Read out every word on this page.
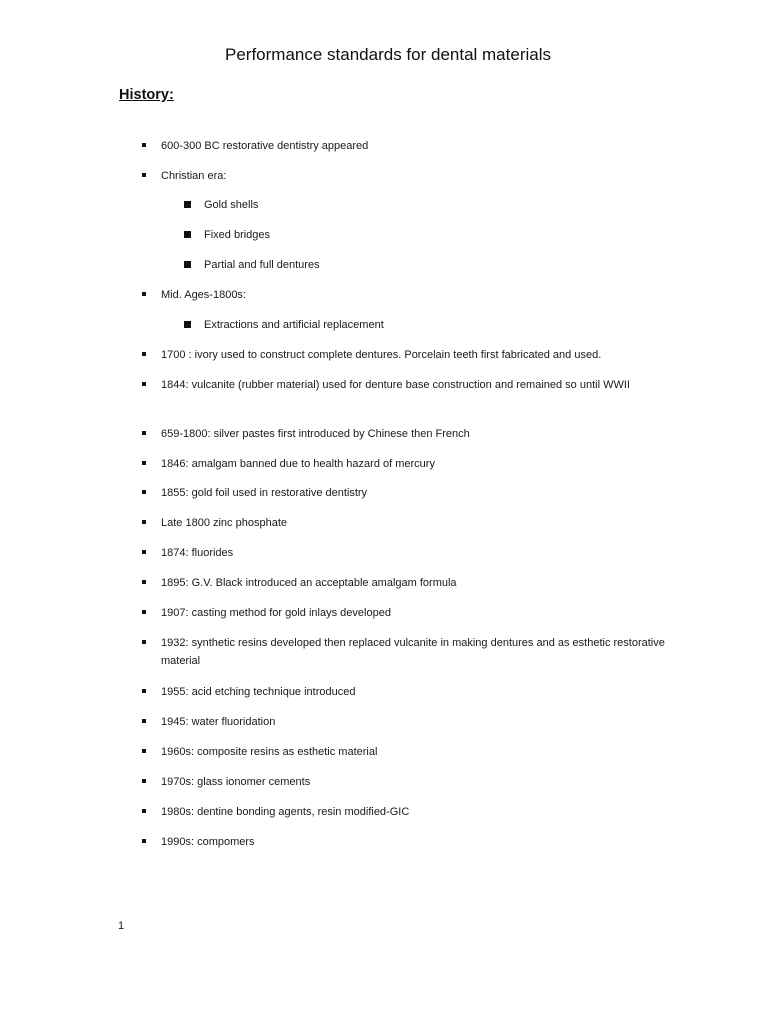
Performance standards for dental materials
History:
600-300 BC restorative dentistry appeared
Christian era:
Gold shells
Fixed bridges
Partial and full dentures
Mid. Ages-1800s:
Extractions and artificial replacement
1700 : ivory used to construct complete dentures. Porcelain teeth first fabricated and used.
1844: vulcanite (rubber material) used for denture base construction and remained so until WWII
659-1800: silver pastes first introduced by Chinese then French
1846: amalgam banned due to health hazard of mercury
1855: gold foil used in restorative dentistry
Late 1800 zinc phosphate
1874: fluorides
1895: G.V. Black introduced an acceptable amalgam formula
1907: casting method for gold inlays developed
1932: synthetic resins developed then replaced vulcanite in making dentures and as esthetic restorative material
1955: acid etching technique introduced
1945: water fluoridation
1960s: composite resins as esthetic material
1970s: glass ionomer cements
1980s: dentine bonding agents, resin modified-GIC
1990s: compomers
1
